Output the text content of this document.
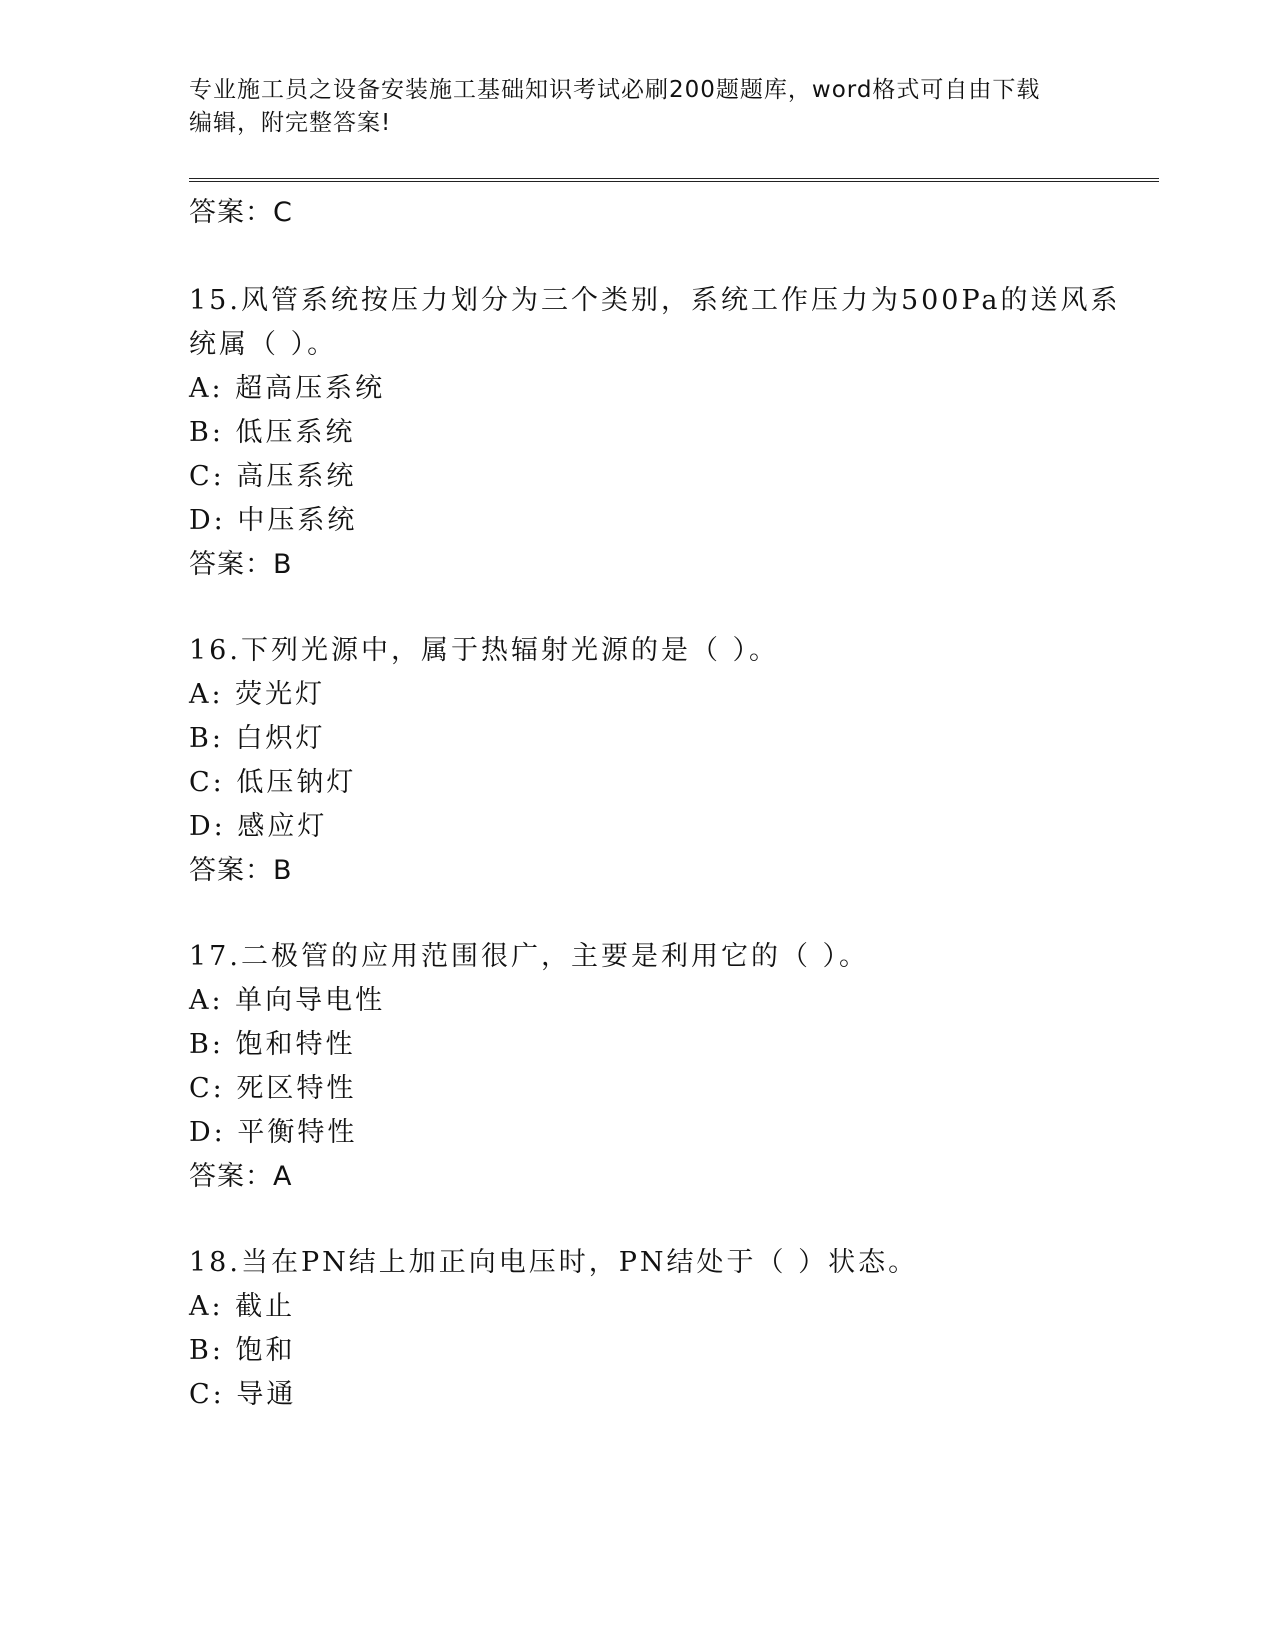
专业施工员之设备安装施工基础知识考试必刷200题题库，word格式可自由下载
编辑，附完整答案!
答案：C
15.风管系统按压力划分为三个类别，系统工作压力为500Pa的送风系
统属（ ）。
A: 超高压系统
B: 低压系统
C: 高压系统
D: 中压系统
答案：B
16.下列光源中，属于热辐射光源的是（ ）。
A: 荧光灯
B: 白炽灯
C: 低压钠灯
D: 感应灯
答案：B
17.二极管的应用范围很广，主要是利用它的（ ）。
A: 单向导电性
B: 饱和特性
C: 死区特性
D: 平衡特性
答案：A
18.当在PN结上加正向电压时，PN结处于（ ）状态。
A: 截止
B: 饱和
C: 导通
